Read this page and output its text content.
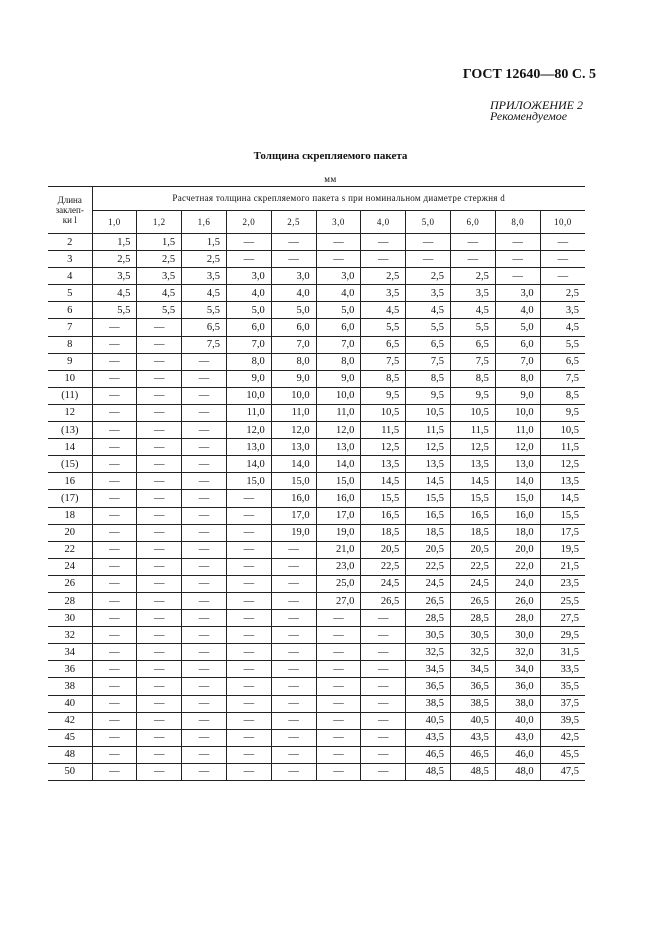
ГОСТ 12640—80 С. 5
ПРИЛОЖЕНИЕ 2
Рекомендуемое
Толщина скрепляемого пакета
мм
Длина
заклеп-
ки l	Расчетная толщина скрепляемого пакета s при номинальном диаметре стержня d										
	1,0	1,2	1,6	2,0	2,5	3,0	4,0	5,0	6,0	8,0	10,0
2	1,5	1,5	1,5	—	—	—	—	—	—	—	—
3	2,5	2,5	2,5	—	—	—	—	—	—	—	—
4	3,5	3,5	3,5	3,0	3,0	3,0	2,5	2,5	2,5	—	—
5	4,5	4,5	4,5	4,0	4,0	4,0	3,5	3,5	3,5	3,0	2,5
6	5,5	5,5	5,5	5,0	5,0	5,0	4,5	4,5	4,5	4,0	3,5
7	—	—	6,5	6,0	6,0	6,0	5,5	5,5	5,5	5,0	4,5
8	—	—	7,5	7,0	7,0	7,0	6,5	6,5	6,5	6,0	5,5
9	—	—	—	8,0	8,0	8,0	7,5	7,5	7,5	7,0	6,5
10	—	—	—	9,0	9,0	9,0	8,5	8,5	8,5	8,0	7,5
(11)	—	—	—	10,0	10,0	10,0	9,5	9,5	9,5	9,0	8,5
12	—	—	—	11,0	11,0	11,0	10,5	10,5	10,5	10,0	9,5
(13)	—	—	—	12,0	12,0	12,0	11,5	11,5	11,5	11,0	10,5
14	—	—	—	13,0	13,0	13,0	12,5	12,5	12,5	12,0	11,5
(15)	—	—	—	14,0	14,0	14,0	13,5	13,5	13,5	13,0	12,5
16	—	—	—	15,0	15,0	15,0	14,5	14,5	14,5	14,0	13,5
(17)	—	—	—	—	16,0	16,0	15,5	15,5	15,5	15,0	14,5
18	—	—	—	—	17,0	17,0	16,5	16,5	16,5	16,0	15,5
20	—	—	—	—	19,0	19,0	18,5	18,5	18,5	18,0	17,5
22	—	—	—	—	—	21,0	20,5	20,5	20,5	20,0	19,5
24	—	—	—	—	—	23,0	22,5	22,5	22,5	22,0	21,5
26	—	—	—	—	—	25,0	24,5	24,5	24,5	24,0	23,5
28	—	—	—	—	—	27,0	26,5	26,5	26,5	26,0	25,5
30	—	—	—	—	—	—	—	28,5	28,5	28,0	27,5
32	—	—	—	—	—	—	—	30,5	30,5	30,0	29,5
34	—	—	—	—	—	—	—	32,5	32,5	32,0	31,5
36	—	—	—	—	—	—	—	34,5	34,5	34,0	33,5
38	—	—	—	—	—	—	—	36,5	36,5	36,0	35,5
40	—	—	—	—	—	—	—	38,5	38,5	38,0	37,5
42	—	—	—	—	—	—	—	40,5	40,5	40,0	39,5
45	—	—	—	—	—	—	—	43,5	43,5	43,0	42,5
48	—	—	—	—	—	—	—	46,5	46,5	46,0	45,5
50	—	—	—	—	—	—	—	48,5	48,5	48,0	47,5
